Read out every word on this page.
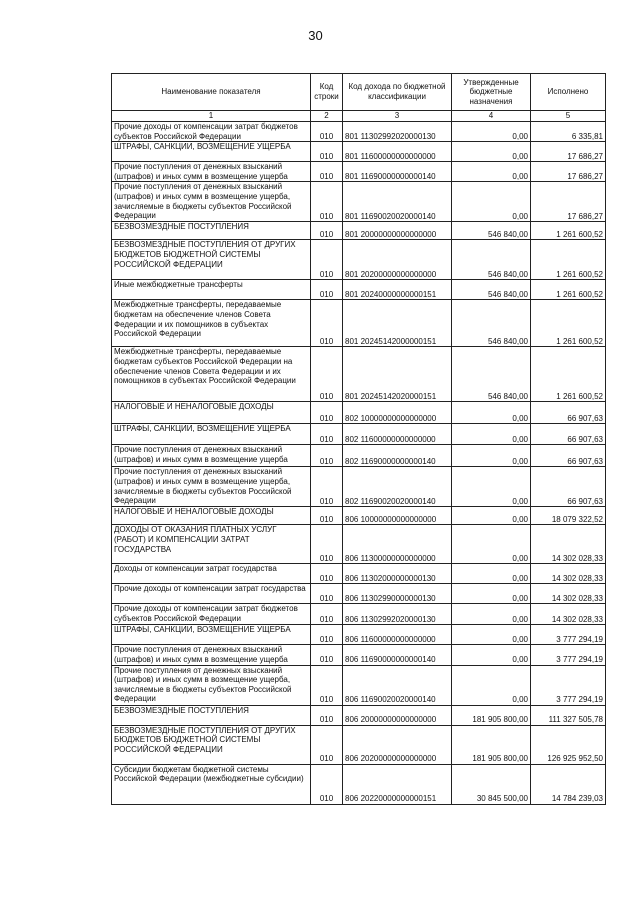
30
Наименование показателя	Код строки	Код дохода по бюджетной классификации	Утвержденные бюджетные назначения	Исполнено
1	2	3	4	5
Прочие доходы от компенсации затрат бюджетов субъектов Российской Федерации	010	801 11302992020000130	0,00	6 335,81
ШТРАФЫ, САНКЦИИ, ВОЗМЕЩЕНИЕ УЩЕРБА	010	801 11600000000000000	0,00	17 686,27
Прочие поступления от денежных взысканий (штрафов) и иных сумм в возмещение ущерба	010	801 11690000000000140	0,00	17 686,27
Прочие поступления от денежных взысканий (штрафов) и иных сумм в возмещение ущерба, зачисляемые в бюджеты субъектов Российской Федерации	010	801 11690020020000140	0,00	17 686,27
БЕЗВОЗМЕЗДНЫЕ ПОСТУПЛЕНИЯ	010	801 20000000000000000	546 840,00	1 261 600,52
БЕЗВОЗМЕЗДНЫЕ ПОСТУПЛЕНИЯ ОТ ДРУГИХ БЮДЖЕТОВ БЮДЖЕТНОЙ СИСТЕМЫ РОССИЙСКОЙ ФЕДЕРАЦИИ	010	801 20200000000000000	546 840,00	1 261 600,52
Иные межбюджетные трансферты	010	801 20240000000000151	546 840,00	1 261 600,52
Межбюджетные трансферты, передаваемые бюджетам на обеспечение членов Совета Федерации и их помощников в субъектах Российской Федерации	010	801 20245142000000151	546 840,00	1 261 600,52
Межбюджетные трансферты, передаваемые бюджетам субъектов Российской Федерации на обеспечение членов Совета Федерации и их помощников в субъектах Российской Федерации	010	801 20245142020000151	546 840,00	1 261 600,52
НАЛОГОВЫЕ И НЕНАЛОГОВЫЕ ДОХОДЫ	010	802 10000000000000000	0,00	66 907,63
ШТРАФЫ, САНКЦИИ, ВОЗМЕЩЕНИЕ УЩЕРБА	010	802 11600000000000000	0,00	66 907,63
Прочие поступления от денежных взысканий (штрафов) и иных сумм в возмещение ущерба	010	802 11690000000000140	0,00	66 907,63
Прочие поступления от денежных взысканий (штрафов) и иных сумм в возмещение ущерба, зачисляемые в бюджеты субъектов Российской Федерации	010	802 11690020020000140	0,00	66 907,63
НАЛОГОВЫЕ И НЕНАЛОГОВЫЕ ДОХОДЫ	010	806 10000000000000000	0,00	18 079 322,52
ДОХОДЫ ОТ ОКАЗАНИЯ ПЛАТНЫХ УСЛУГ (РАБОТ) И КОМПЕНСАЦИИ ЗАТРАТ ГОСУДАРСТВА	010	806 11300000000000000	0,00	14 302 028,33
Доходы от компенсации затрат государства	010	806 11302000000000130	0,00	14 302 028,33
Прочие доходы от компенсации затрат государства	010	806 11302990000000130	0,00	14 302 028,33
Прочие доходы от компенсации затрат бюджетов субъектов Российской Федерации	010	806 11302992020000130	0,00	14 302 028,33
ШТРАФЫ, САНКЦИИ, ВОЗМЕЩЕНИЕ УЩЕРБА	010	806 11600000000000000	0,00	3 777 294,19
Прочие поступления от денежных взысканий (штрафов) и иных сумм в возмещение ущерба	010	806 11690000000000140	0,00	3 777 294,19
Прочие поступления от денежных взысканий (штрафов) и иных сумм в возмещение ущерба, зачисляемые в бюджеты субъектов Российской Федерации	010	806 11690020020000140	0,00	3 777 294,19
БЕЗВОЗМЕЗДНЫЕ ПОСТУПЛЕНИЯ	010	806 20000000000000000	181 905 800,00	111 327 505,78
БЕЗВОЗМЕЗДНЫЕ ПОСТУПЛЕНИЯ ОТ ДРУГИХ БЮДЖЕТОВ БЮДЖЕТНОЙ СИСТЕМЫ РОССИЙСКОЙ ФЕДЕРАЦИИ	010	806 20200000000000000	181 905 800,00	126 925 952,50
Субсидии бюджетам бюджетной системы Российской Федерации (межбюджетные субсидии)	010	806 20220000000000151	30 845 500,00	14 784 239,03
